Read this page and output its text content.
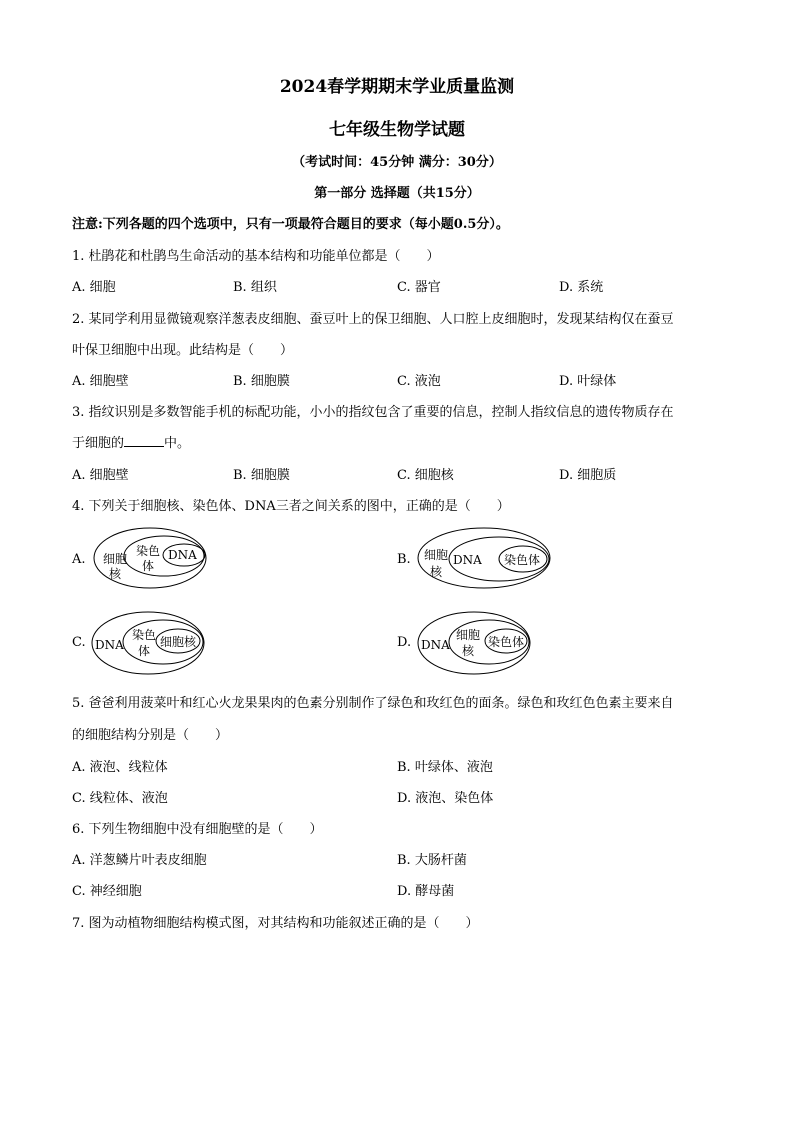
2024春学期期末学业质量监测
七年级生物学试题
（考试时间：45分钟 满分：30分）
第一部分 选择题（共15分）
注意:下列各题的四个选项中，只有一项最符合题目的要求（每小题0.5分）。
1. 杜鹃花和杜鹃鸟生命活动的基本结构和功能单位都是（　　）
A. 细胞	B. 组织	C. 器官	D. 系统
2. 某同学利用显微镜观察洋葱表皮细胞、蚕豆叶上的保卫细胞、人口腔上皮细胞时，发现某结构仅在蚕豆
叶保卫细胞中出现。此结构是（　　）
A. 细胞壁	B. 细胞膜	C. 液泡	D. 叶绿体
3. 指纹识别是多数智能手机的标配功能，小小的指纹包含了重要的信息，控制人指纹信息的遗传物质存在
于细胞的	中。
A. 细胞壁	B. 细胞膜	C. 细胞核	D. 细胞质
4. 下列关于细胞核、染色体、DNA三者之间关系的图中，正确的是（　　）
A. 细胞
核
染色
体
DNA	B. 细胞
核
DNA 染色体
C. DNA
染色
体
细胞核	D. DNA
细胞
核
染色体
5. 爸爸利用菠菜叶和红心火龙果果肉的色素分别制作了绿色和玫红色的面条。绿色和玫红色色素主要来自
的细胞结构分别是（　　）
A. 液泡、线粒体	B. 叶绿体、液泡
C. 线粒体、液泡	D. 液泡、染色体
6. 下列生物细胞中没有细胞壁的是（　　）
A. 洋葱鳞片叶表皮细胞	B. 大肠杆菌
C. 神经细胞	D. 酵母菌
7. 图为动植物细胞结构模式图，对其结构和功能叙述正确的是（　　）
